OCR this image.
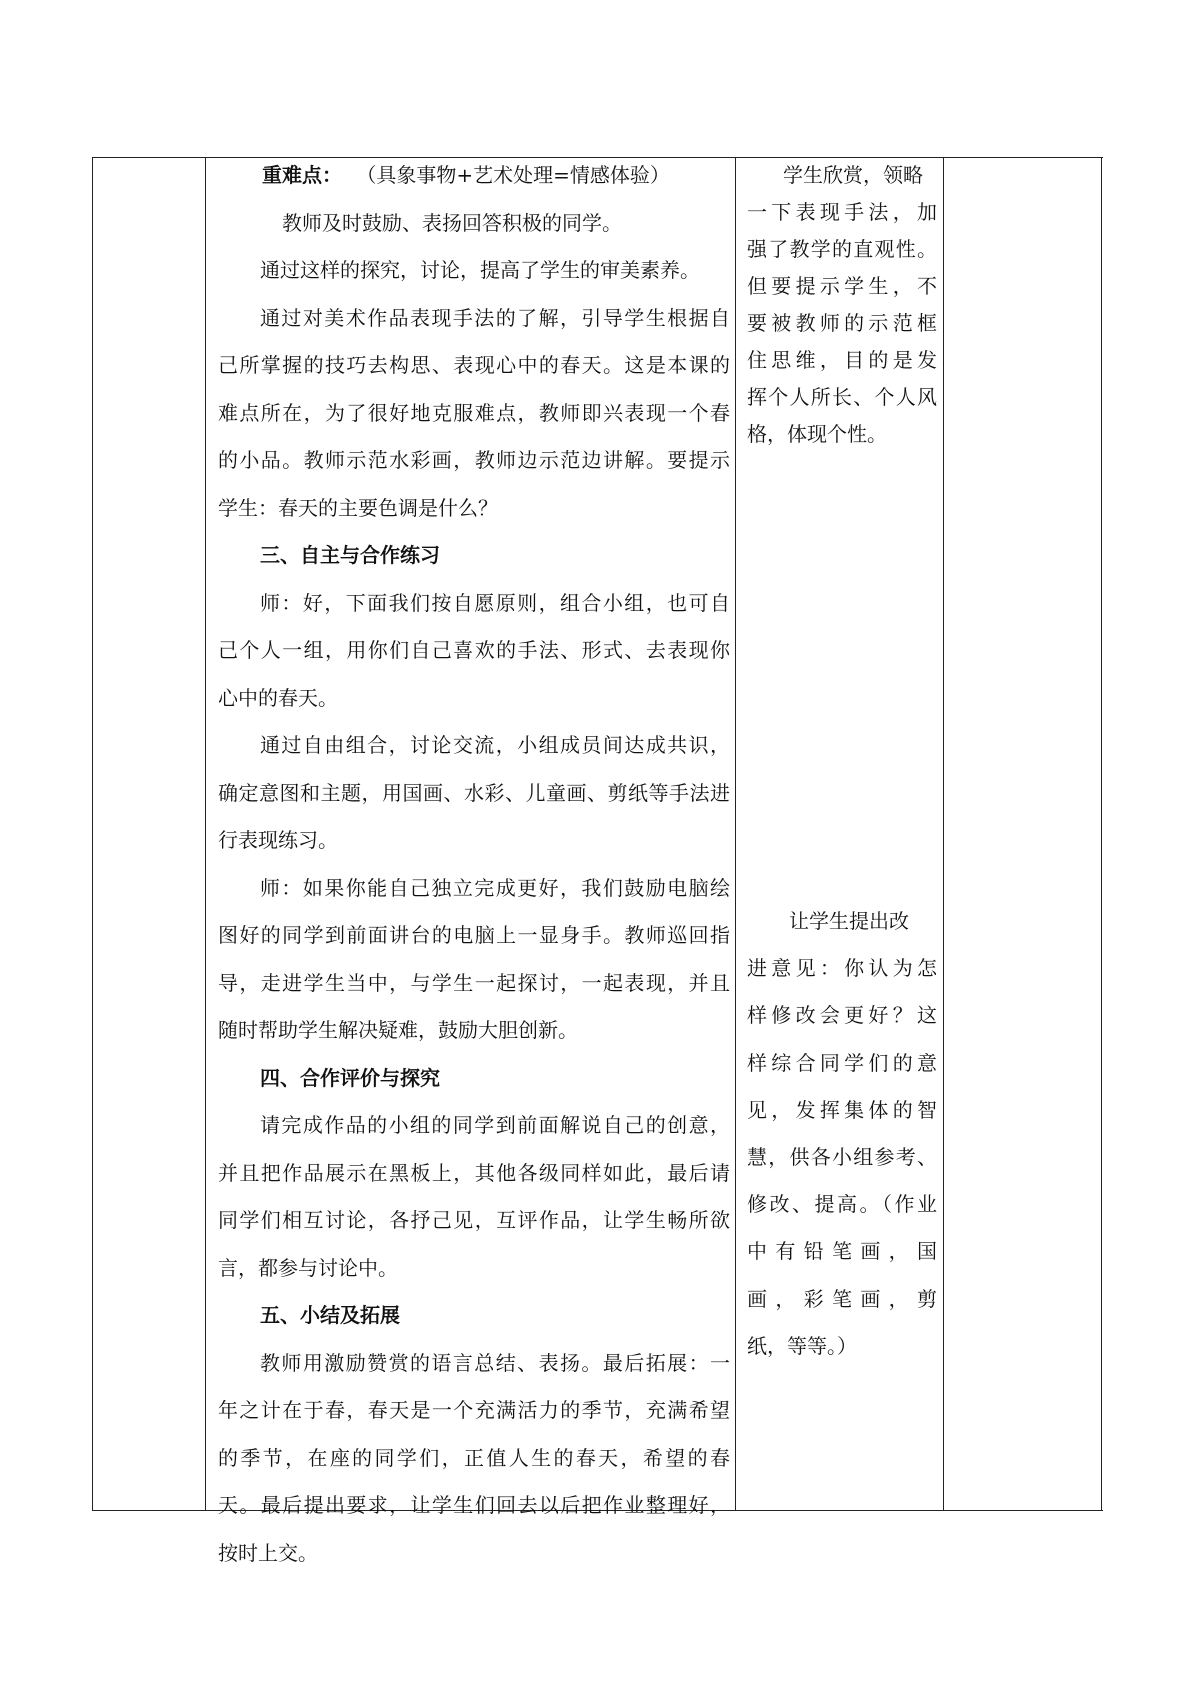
重难点： （具象事物+艺术处理=情感体验）
教师及时鼓励、表扬回答积极的同学。
通过这样的探究，讨论，提高了学生的审美素养。
通过对美术作品表现手法的了解，引导学生根据自
己所掌握的技巧去构思、表现心中的春天。这是本课的
难点所在，为了很好地克服难点，教师即兴表现一个春
的小品。教师示范水彩画，教师边示范边讲解。要提示
学生：春天的主要色调是什么？
三、自主与合作练习
师：好，下面我们按自愿原则，组合小组，也可自
己个人一组，用你们自己喜欢的手法、形式、去表现你
心中的春天。
通过自由组合，讨论交流，小组成员间达成共识，
确定意图和主题，用国画、水彩、儿童画、剪纸等手法进
行表现练习。
师：如果你能自己独立完成更好，我们鼓励电脑绘
图好的同学到前面讲台的电脑上一显身手。教师巡回指
导，走进学生当中，与学生一起探讨，一起表现，并且
随时帮助学生解决疑难，鼓励大胆创新。
四、合作评价与探究
请完成作品的小组的同学到前面解说自己的创意，
并且把作品展示在黑板上，其他各级同样如此，最后请
同学们相互讨论，各抒己见，互评作品，让学生畅所欲
言，都参与讨论中。
五、小结及拓展
教师用激励赞赏的语言总结、表扬。最后拓展：一
年之计在于春，春天是一个充满活力的季节，充满希望
的季节，在座的同学们，正值人生的春天，希望的春
天。最后提出要求，让学生们回去以后把作业整理好，
按时上交。
学生欣赏，领略
一下表现手法，加
强了教学的直观性。
但要提示学生，不
要被教师的示范框
住思维，目的是发
挥个人所长、个人风
格，体现个性。
让学生提出改
进意见：你认为怎
样修改会更好？这
样综合同学们的意
见，发挥集体的智
慧，供各小组参考、
修改、提高。（作业
中有铅笔画，国
画，彩笔画，剪
纸，等等。）
